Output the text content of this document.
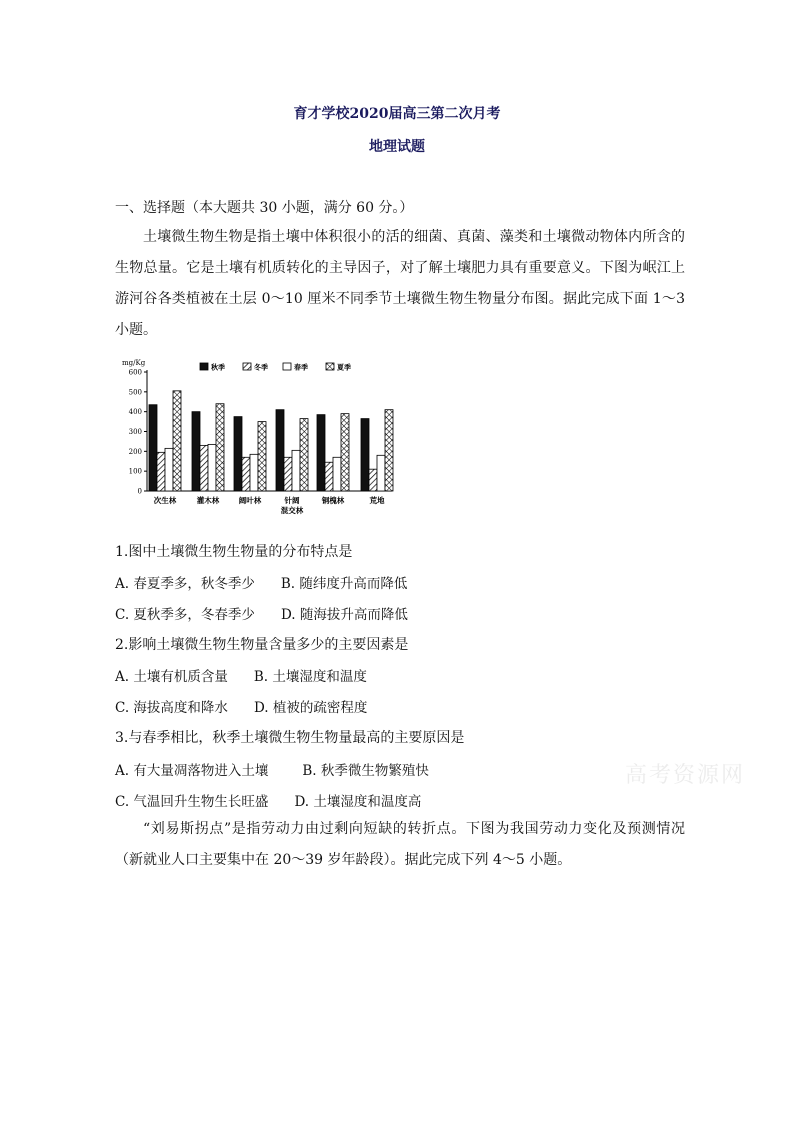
育才学校2020届高三第二次月考
地理试题
一、选择题（本大题共 30 小题，满分 60 分。）
土壤微生物生物是指土壤中体积很小的活的细菌、真菌、藻类和土壤微动物体内所含的生物总量。它是土壤有机质转化的主导因子，对了解土壤肥力具有重要意义。下图为岷江上游河谷各类植被在土层 0～10 厘米不同季节土壤微生物生物量分布图。据此完成下面 1～3 小题。
mg/Kg	秋季	冬季	春季	夏季
0
100
200
300
400
500
600
次生林	灌木林	阔叶林	针阔
混交林
铜槐林	荒地
1.图中土壤微生物生物量的分布特点是
A. 春夏季多，秋冬季少 B. 随纬度升高而降低
C. 夏秋季多，冬春季少 D. 随海拔升高而降低
2.影响土壤微生物生物量含量多少的主要因素是
A. 土壤有机质含量 B. 土壤湿度和温度
C. 海拔高度和降水 D. 植被的疏密程度
3.与春季相比，秋季土壤微生物生物量最高的主要原因是
A. 有大量凋落物进入土壤	B. 秋季微生物繁殖快
C. 气温回升生物生长旺盛 D. 土壤湿度和温度高
“刘易斯拐点”是指劳动力由过剩向短缺的转折点。下图为我国劳动力变化及预测情况（新就业人口主要集中在 20～39 岁年龄段）。据此完成下列 4～5 小题。
高考资源网
